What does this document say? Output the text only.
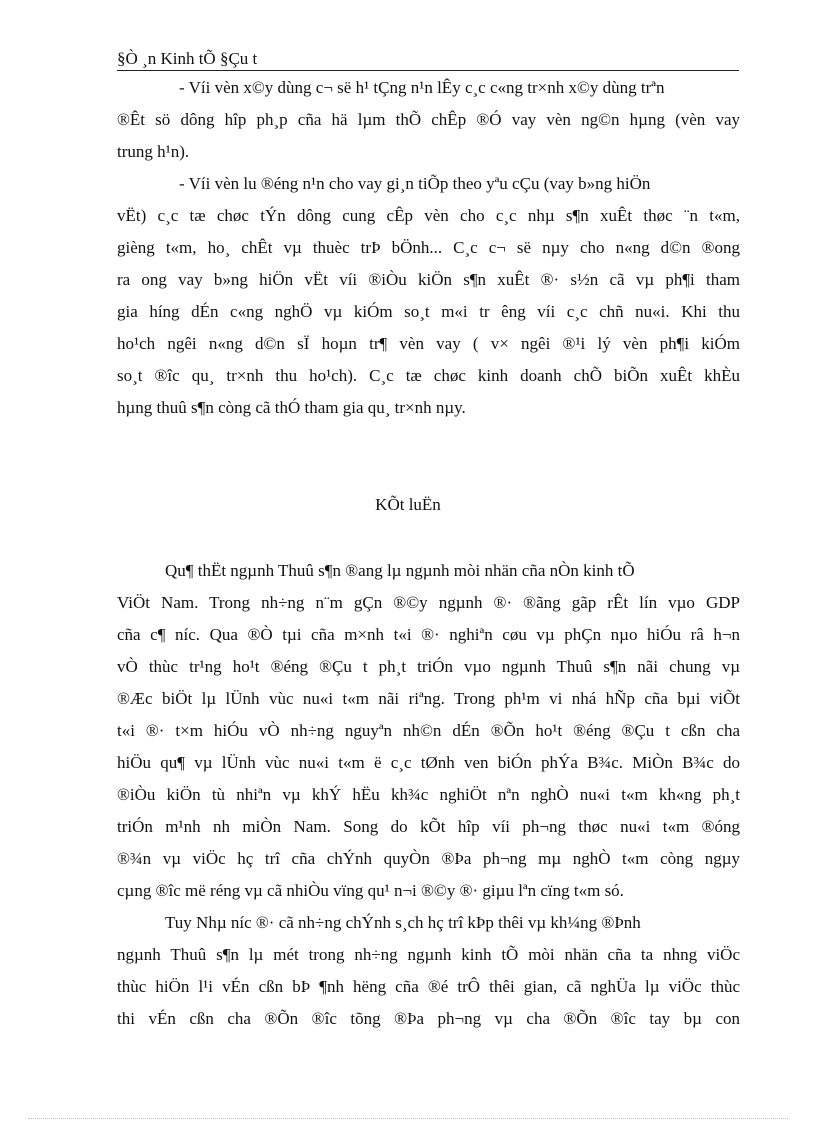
§Ò ¸n Kinh tÕ §Çu t
- Víi vèn x©y dùng c¬ së h¹ tÇng n¹n lÊy c¸c c«ng tr×nh x©y dùng trªn
®Êt sö dông hîp ph¸p cña hä lµm thÕ chÊp ®Ó vay vèn ng©n hµng (vèn vay
trung h¹n).
- Víi vèn lu ®éng n¹n cho vay gi¸n tiÕp theo yªu cÇu (vay b»ng hiÖn
vËt) c¸c tæ chøc tÝn dông cung cÊp vèn cho c¸c nhµ s¶n xuÊt thøc ¨n t«m,
gièng t«m, ho¸ chÊt vµ thuèc trÞ bÖnh... C¸c c¬ së nµy cho n«ng d©n ®ong
ra ong vay b»ng hiÖn vËt víi ®iÒu kiÖn s¶n xuÊt ®· s½n cã vµ ph¶i tham
gia híng dÉn c«ng nghÖ vµ kiÓm so¸t m«i tr êng víi c¸c chñ nu«i. Khi thu
ho¹ch ngêi n«ng d©n sÏ hoµn tr¶ vèn vay ( v× ngêi ®¹i lý vèn ph¶i kiÓm
so¸t ®îc qu¸ tr×nh thu ho¹ch). C¸c tæ chøc kinh doanh chÕ biÕn xuÊt khÈu
hµng thuû s¶n còng cã thÓ tham gia qu¸ tr×nh nµy.
KÕt luËn
Qu¶ thËt ngµnh Thuû s¶n ®ang lµ ngµnh mòi nhän cña nÒn kinh tÕ
ViÖt Nam. Trong nh÷ng n¨m gÇn ®©y ngµnh ®· ®ãng gãp rÊt lín vµo GDP
cña c¶ níc. Qua ®Ò tµi cña m×nh t«i ®· nghiªn cøu vµ phÇn nµo hiÓu râ h¬n
vÒ thùc tr¹ng ho¹t ®éng ®Çu t ph¸t triÓn vµo ngµnh Thuû s¶n nãi chung vµ
®Æc biÖt lµ lÜnh vùc nu«i t«m nãi riªng. Trong ph¹m vi nhá hÑp cña bµi viÕt
t«i ®· t×m hiÓu vÒ nh÷ng nguyªn nh©n dÉn ®Õn ho¹t ®éng ®Çu t cßn cha
hiÖu qu¶ vµ lÜnh vùc nu«i t«m ë c¸c tØnh ven biÓn phÝa B¾c. MiÒn B¾c do
®iÒu kiÖn tù nhiªn vµ khÝ hËu kh¾c nghiÖt nªn nghÒ nu«i t«m kh«ng ph¸t
triÓn m¹nh nh miÒn Nam. Song do kÕt hîp víi ph¬ng thøc nu«i t«m ®óng
®¾n vµ viÖc hç trî cña chÝnh quyÒn ®Þa ph¬ng mµ nghÒ t«m còng ngµy
cµng ®îc më réng vµ cã nhiÒu vïng qu¹ n¬i ®©y ®· giµu lªn cïng t«m só.
Tuy Nhµ níc ®· cã nh÷ng chÝnh s¸ch hç trî kÞp thêi vµ kh¼ng ®Þnh
ngµnh Thuû s¶n lµ mét trong nh÷ng ngµnh kinh tÕ mòi nhän cña ta nhng viÖc
thùc hiÖn l¹i vÉn cßn bÞ ¶nh hëng cña ®é trÔ thêi gian, cã nghÜa lµ viÖc thùc
thi vÉn cßn cha ®Õn ®îc tõng ®Þa ph¬ng vµ cha ®Õn ®îc tay bµ con
